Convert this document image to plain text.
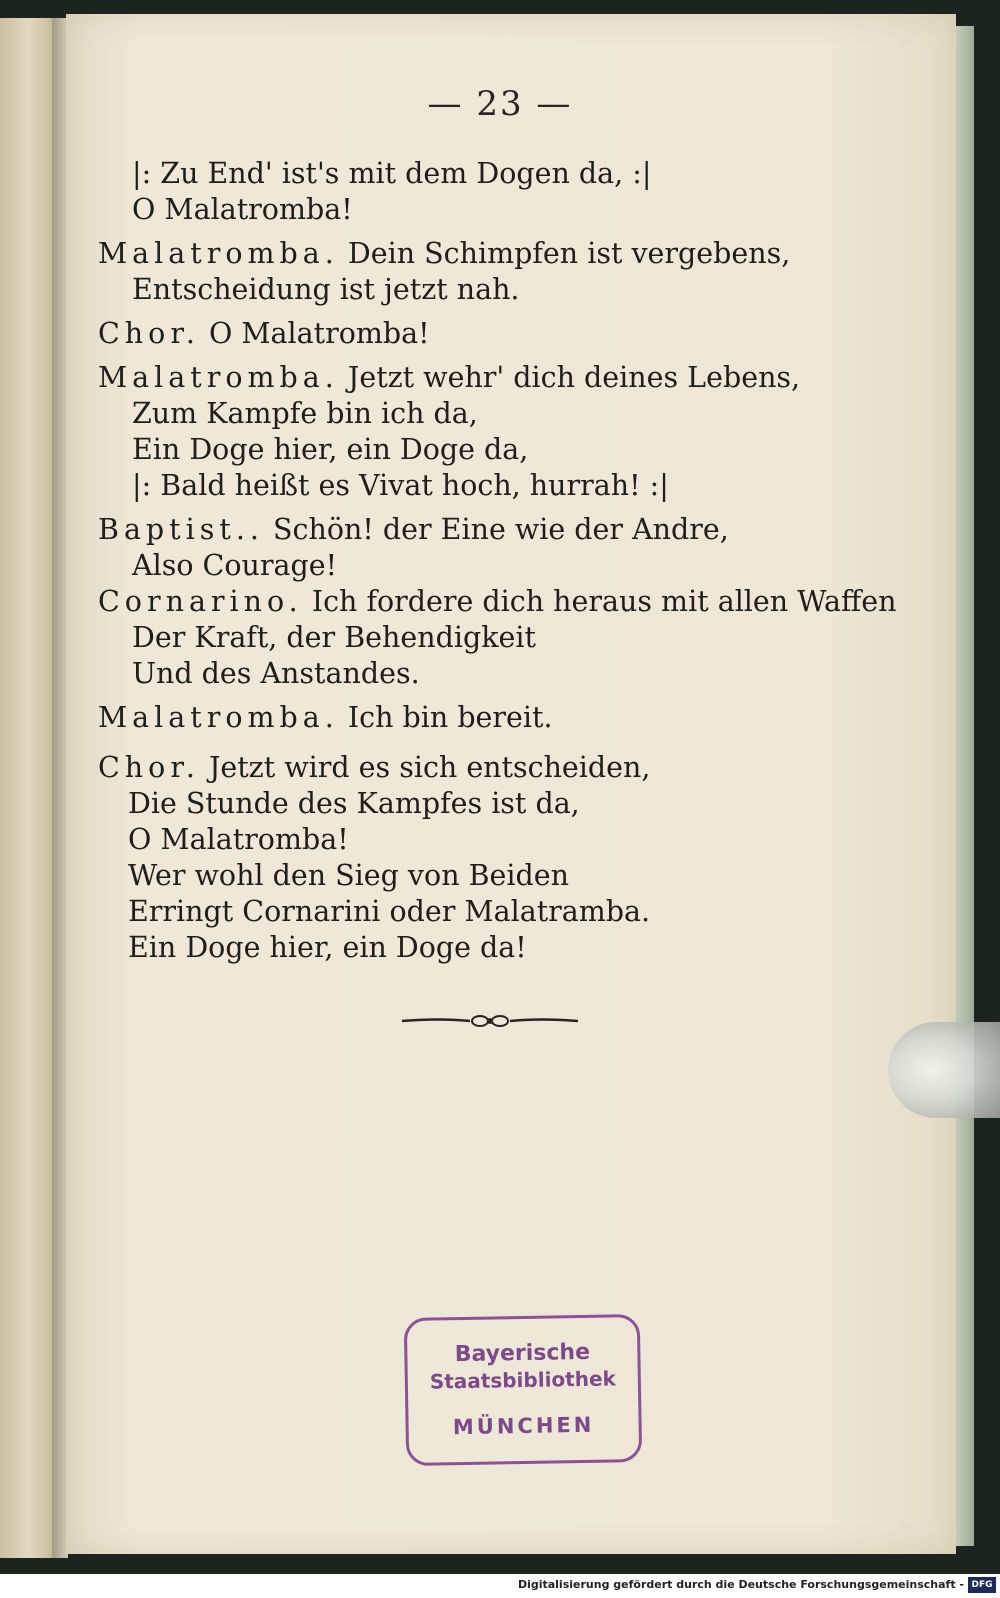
— 23 —
|: Zu End' ist's mit dem Dogen da, :|
O Malatromba!
Malatromba. Dein Schimpfen ist vergebens,
Entscheidung ist jetzt nah.
Chor. O Malatromba!
Malatromba. Jetzt wehr' dich deines Lebens,
Zum Kampfe bin ich da,
Ein Doge hier, ein Doge da,
|: Bald heißt es Vivat hoch, hurrah! :|
Baptist.. Schön! der Eine wie der Andre,
Also Courage!
Cornarino. Ich fordere dich heraus mit allen Waffen
Der Kraft, der Behendigkeit
Und des Anstandes.
Malatromba. Ich bin bereit.
Chor. Jetzt wird es sich entscheiden,
Die Stunde des Kampfes ist da,
O Malatromba!
Wer wohl den Sieg von Beiden
Erringt Cornarini oder Malatramba.
Ein Doge hier, ein Doge da!
Bayerische
Staatsbibliothek
MÜNCHEN
Digitalisierung gefördert durch die Deutsche Forschungsgemeinschaft - DFG
